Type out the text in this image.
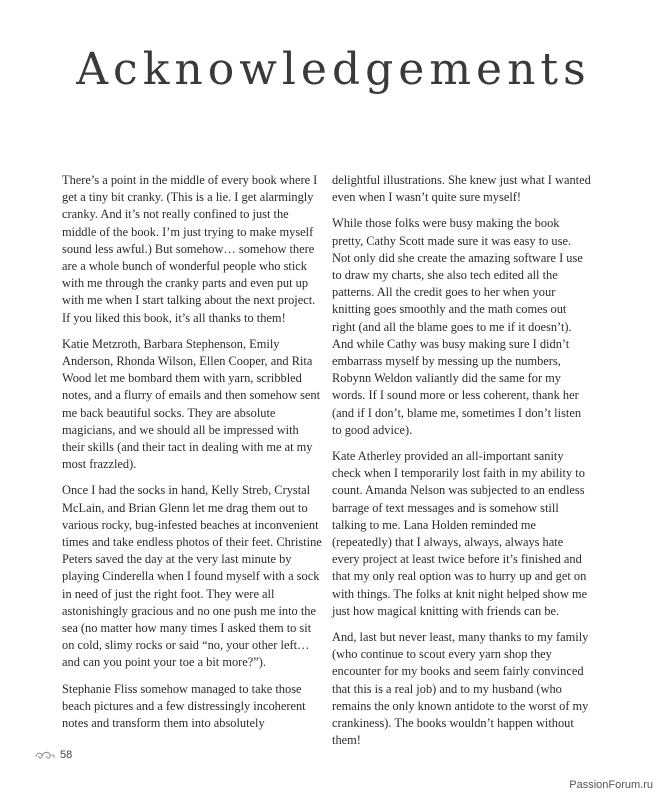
Acknowledgements

There’s a point in the middle of every book where I get a tiny bit cranky. (This is a lie. I get alarmingly cranky. And it’s not really confined to just the middle of the book. I’m just trying to make myself sound less awful.) But somehow… somehow there are a whole bunch of wonderful people who stick with me through the cranky parts and even put up with me when I start talking about the next project. If you liked this book, it’s all thanks to them!

Katie Metzroth, Barbara Stephenson, Emily Anderson, Rhonda Wilson, Ellen Cooper, and Rita Wood let me bombard them with yarn, scribbled notes, and a flurry of emails and then somehow sent me back beautiful socks. They are absolute magicians, and we should all be impressed with their skills (and their tact in dealing with me at my most frazzled).

Once I had the socks in hand, Kelly Streb, Crystal McLain, and Brian Glenn let me drag them out to various rocky, bug-infested beaches at inconvenient times and take endless photos of their feet. Christine Peters saved the day at the very last minute by playing Cinderella when I found myself with a sock in need of just the right foot. They were all astonishingly gracious and no one push me into the sea (no matter how many times I asked them to sit on cold, slimy rocks or said “no, your other left…and can you point your toe a bit more?”).

Stephanie Fliss somehow managed to take those beach pictures and a few distressingly incoherent notes and transform them into absolutely

delightful illustrations. She knew just what I wanted even when I wasn’t quite sure myself!

While those folks were busy making the book pretty, Cathy Scott made sure it was easy to use. Not only did she create the amazing software I use to draw my charts, she also tech edited all the patterns. All the credit goes to her when your knitting goes smoothly and the math comes out right (and all the blame goes to me if it doesn’t). And while Cathy was busy making sure I didn’t embarrass myself by messing up the numbers, Robynn Weldon valiantly did the same for my words. If I sound more or less coherent, thank her (and if I don’t, blame me, sometimes I don’t listen to good advice).

Kate Atherley provided an all-important sanity check when I temporarily lost faith in my ability to count. Amanda Nelson was subjected to an endless barrage of text messages and is somehow still talking to me. Lana Holden reminded me (repeatedly) that I always, always, always hate every project at least twice before it’s finished and that my only real option was to hurry up and get on with things. The folks at knit night helped show me just how magical knitting with friends can be.

And, last but never least, many thanks to my family (who continue to scout every yarn shop they encounter for my books and seem fairly convinced that this is a real job) and to my husband (who remains the only known antidote to the worst of my crankiness). The books wouldn’t happen without them!

58
PassionForum.ru
